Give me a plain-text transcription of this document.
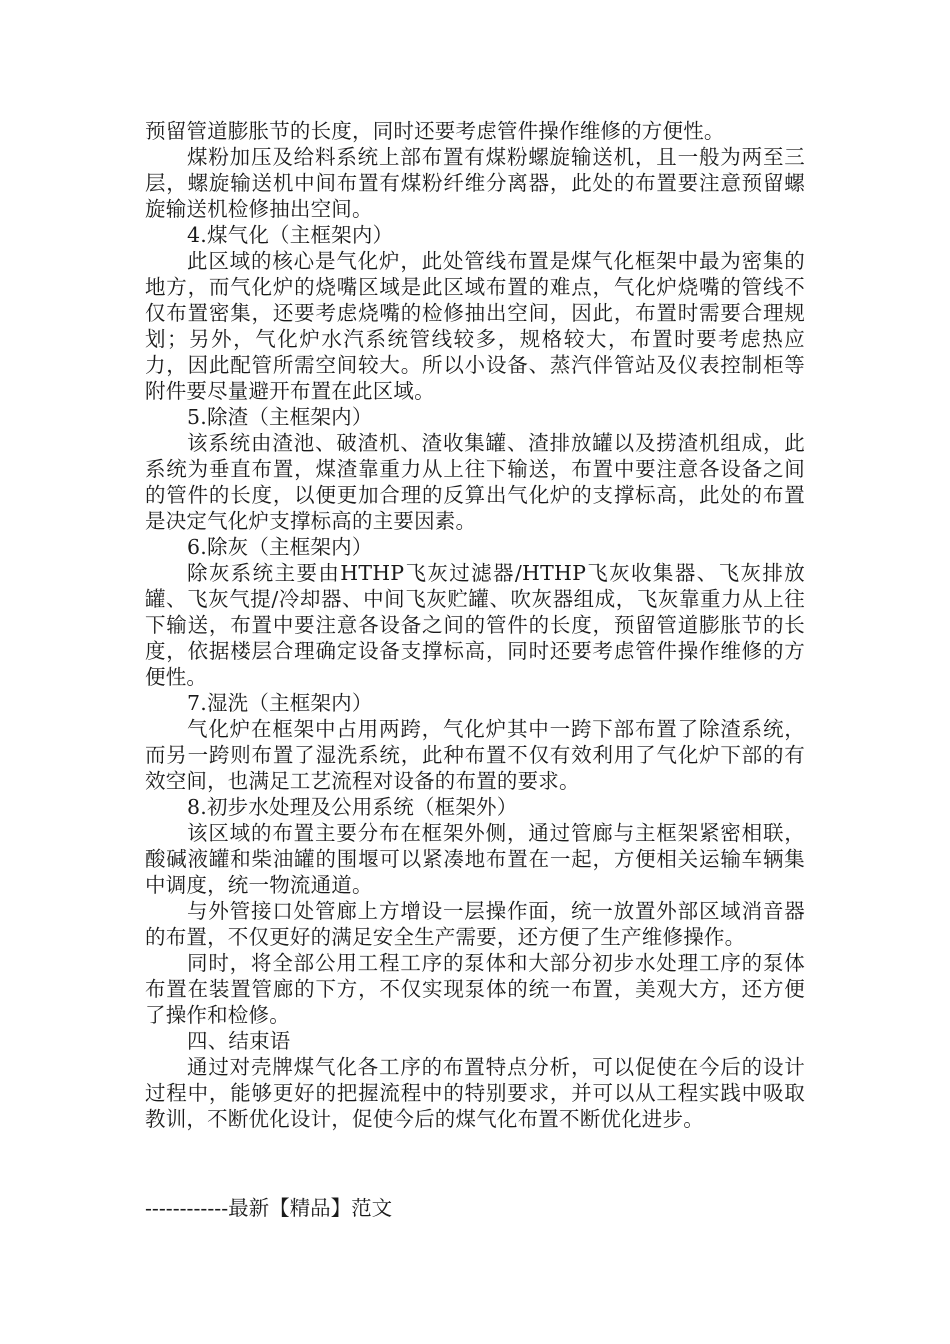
预留管道膨胀节的长度，同时还要考虑管件操作维修的方便性。

煤粉加压及给料系统上部布置有煤粉螺旋输送机，且一般为两至三层，螺旋输送机中间布置有煤粉纤维分离器，此处的布置要注意预留螺旋输送机检修抽出空间。

4.煤气化（主框架内）

此区域的核心是气化炉，此处管线布置是煤气化框架中最为密集的地方，而气化炉的烧嘴区域是此区域布置的难点，气化炉烧嘴的管线不仅布置密集，还要考虑烧嘴的检修抽出空间，因此，布置时需要合理规划；另外，气化炉水汽系统管线较多，规格较大，布置时要考虑热应力，因此配管所需空间较大。所以小设备、蒸汽伴管站及仪表控制柜等附件要尽量避开布置在此区域。

5.除渣（主框架内）

该系统由渣池、破渣机、渣收集罐、渣排放罐以及捞渣机组成，此系统为垂直布置，煤渣靠重力从上往下输送，布置中要注意各设备之间的管件的长度，以便更加合理的反算出气化炉的支撑标高，此处的布置是决定气化炉支撑标高的主要因素。

6.除灰（主框架内）

除灰系统主要由HTHP飞灰过滤器/HTHP飞灰收集器、飞灰排放罐、飞灰气提/冷却器、中间飞灰贮罐、吹灰器组成，飞灰靠重力从上往下输送，布置中要注意各设备之间的管件的长度，预留管道膨胀节的长度，依据楼层合理确定设备支撑标高，同时还要考虑管件操作维修的方便性。

7.湿洗（主框架内）

气化炉在框架中占用两跨，气化炉其中一跨下部布置了除渣系统，而另一跨则布置了湿洗系统，此种布置不仅有效利用了气化炉下部的有效空间，也满足工艺流程对设备的布置的要求。

8.初步水处理及公用系统（框架外）

该区域的布置主要分布在框架外侧，通过管廊与主框架紧密相联，酸碱液罐和柴油罐的围堰可以紧凑地布置在一起，方便相关运输车辆集中调度，统一物流通道。

与外管接口处管廊上方增设一层操作面，统一放置外部区域消音器的布置，不仅更好的满足安全生产需要，还方便了生产维修操作。

同时，将全部公用工程工序的泵体和大部分初步水处理工序的泵体布置在装置管廊的下方，不仅实现泵体的统一布置，美观大方，还方便了操作和检修。

四、结束语

通过对壳牌煤气化各工序的布置特点分析，可以促使在今后的设计过程中，能够更好的把握流程中的特别要求，并可以从工程实践中吸取教训，不断优化设计，促使今后的煤气化布置不断优化进步。

------------最新【精品】范文
